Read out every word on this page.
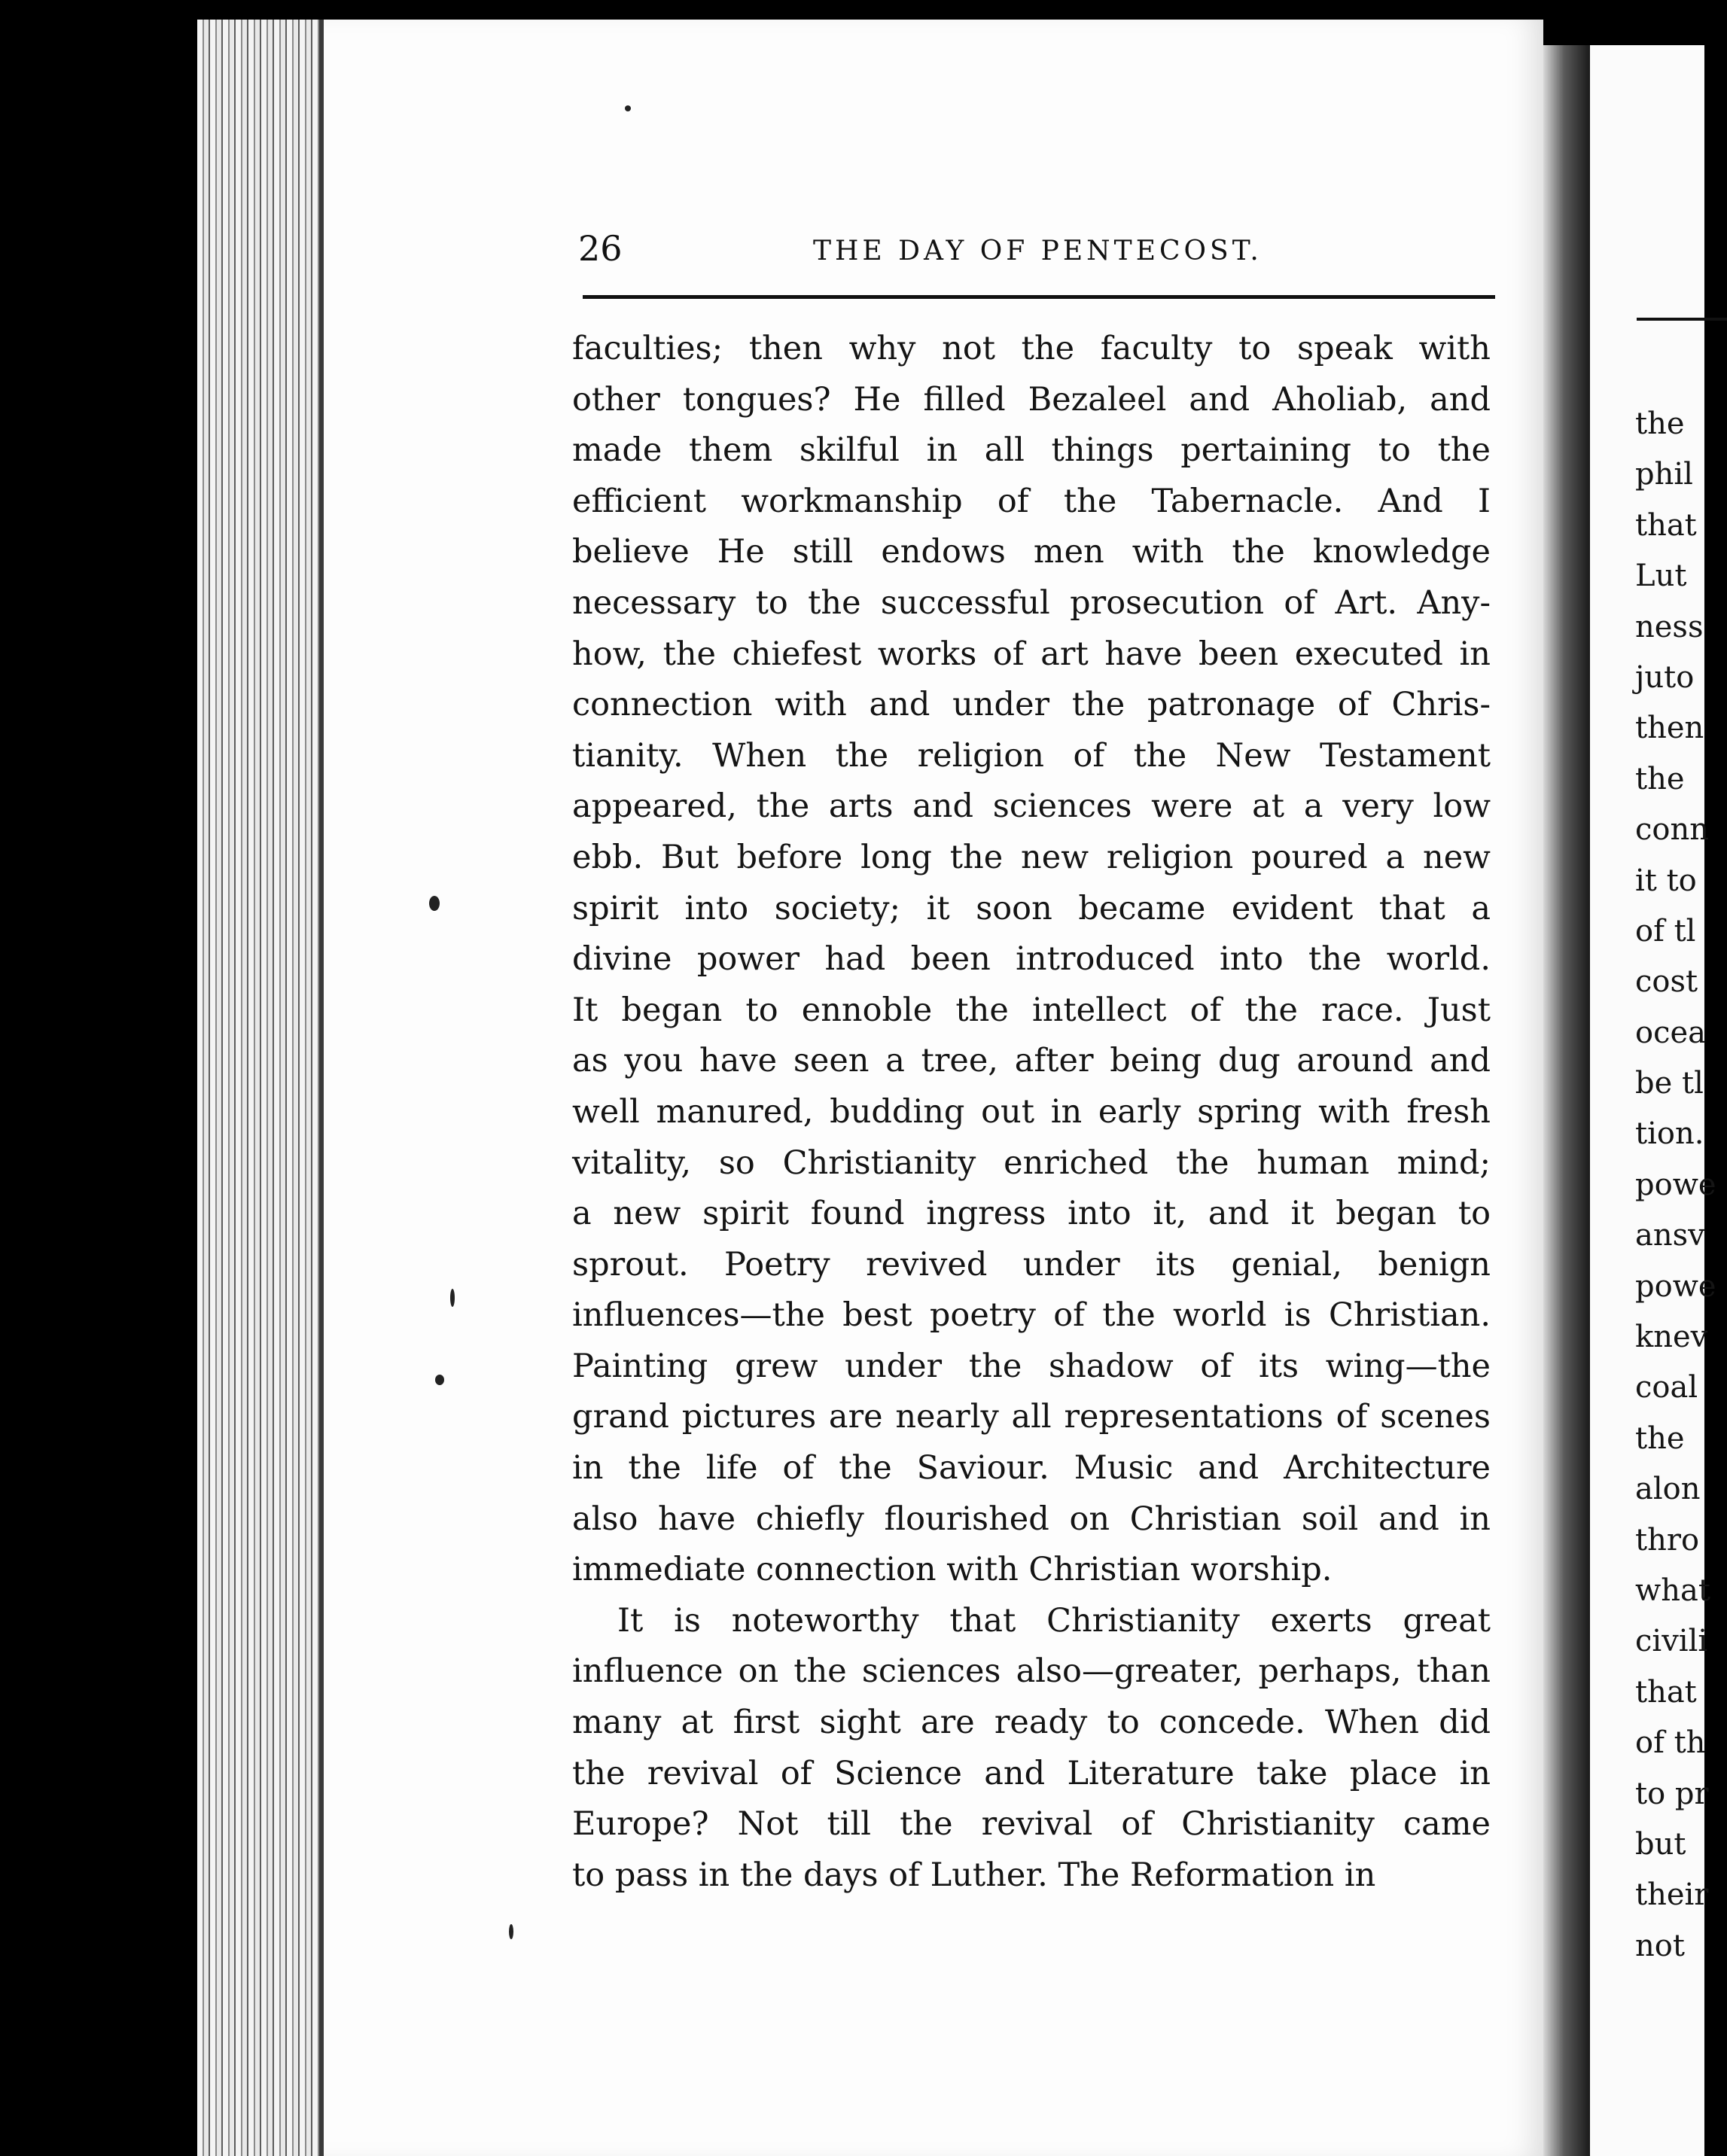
the
phil
that
Lut
ness
juto
then
the
conn
it to
of tl
cost
ocea
be tl
tion.
powe
ansv
powe
knev
coal
the
alon
thro
what
civili
that
of th
to pr
but
their
not
26	THE DAY OF PENTECOST.
faculties; then why not the faculty to speak with
other tongues? He filled Bezaleel and Aholiab, and
made them skilful in all things pertaining to the
efficient workmanship of the Tabernacle. And I
believe He still endows men with the knowledge
necessary to the successful prosecution of Art. Any-
how, the chiefest works of art have been executed in
connection with and under the patronage of Chris-
tianity. When the religion of the New Testament
appeared, the arts and sciences were at a very low
ebb. But before long the new religion poured a new
spirit into society; it soon became evident that a
divine power had been introduced into the world.
It began to ennoble the intellect of the race. Just
as you have seen a tree, after being dug around and
well manured, budding out in early spring with fresh
vitality, so Christianity enriched the human mind;
a new spirit found ingress into it, and it began to
sprout. Poetry revived under its genial, benign
influences—the best poetry of the world is Christian.
Painting grew under the shadow of its wing—the
grand pictures are nearly all representations of scenes
in the life of the Saviour. Music and Architecture
also have chiefly flourished on Christian soil and in
immediate connection with Christian worship.
It is noteworthy that Christianity exerts great
influence on the sciences also—greater, perhaps, than
many at first sight are ready to concede. When did
the revival of Science and Literature take place in
Europe? Not till the revival of Christianity came
to pass in the days of Luther. The Reformation in
